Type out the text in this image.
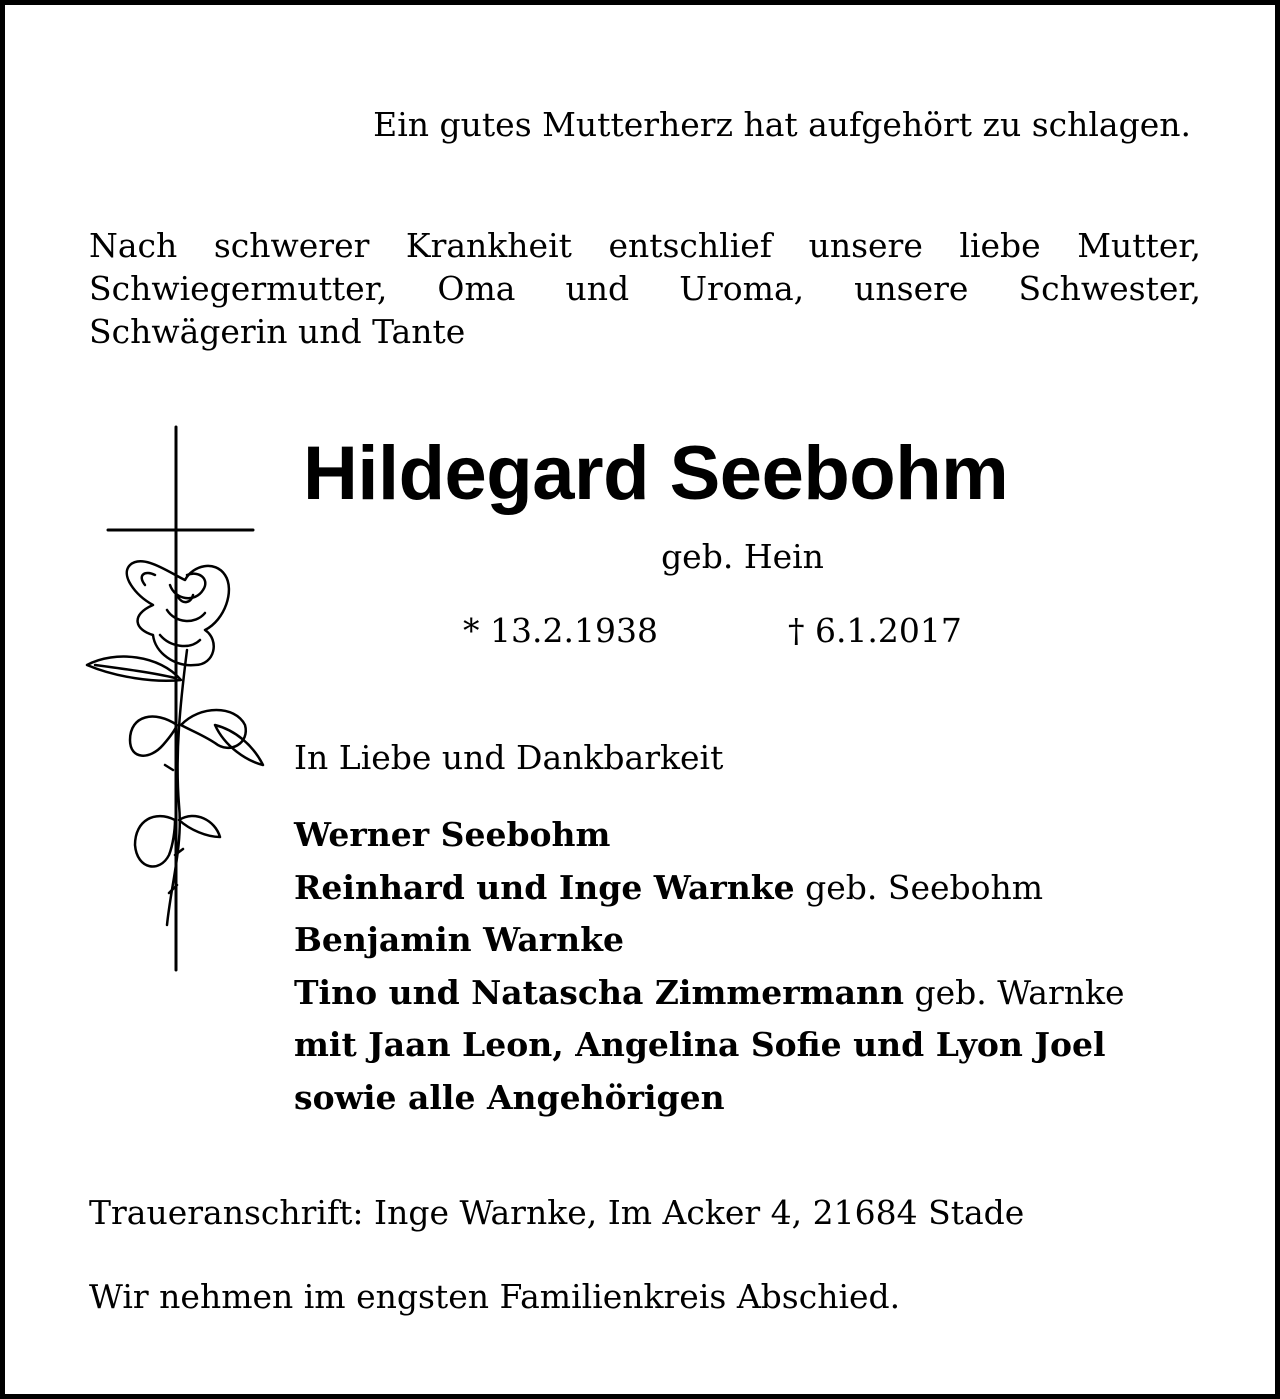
Ein gutes Mutterherz hat aufgehört zu schlagen.
Nach schwerer Krankheit entschlief unsere liebe Mutter, Schwiegermutter, Oma und Uroma, unsere Schwester, Schwägerin und Tante
Hildegard Seebohm
geb. Hein
* 13.2.1938	† 6.1.2017
In Liebe und Dankbarkeit
Werner Seebohm
Reinhard und Inge Warnke geb. Seebohm
Benjamin Warnke
Tino und Natascha Zimmermann geb. Warnke
mit Jaan Leon, Angelina Sofie und Lyon Joel
sowie alle Angehörigen
Traueranschrift: Inge Warnke, Im Acker 4, 21684 Stade
Wir nehmen im engsten Familienkreis Abschied.
